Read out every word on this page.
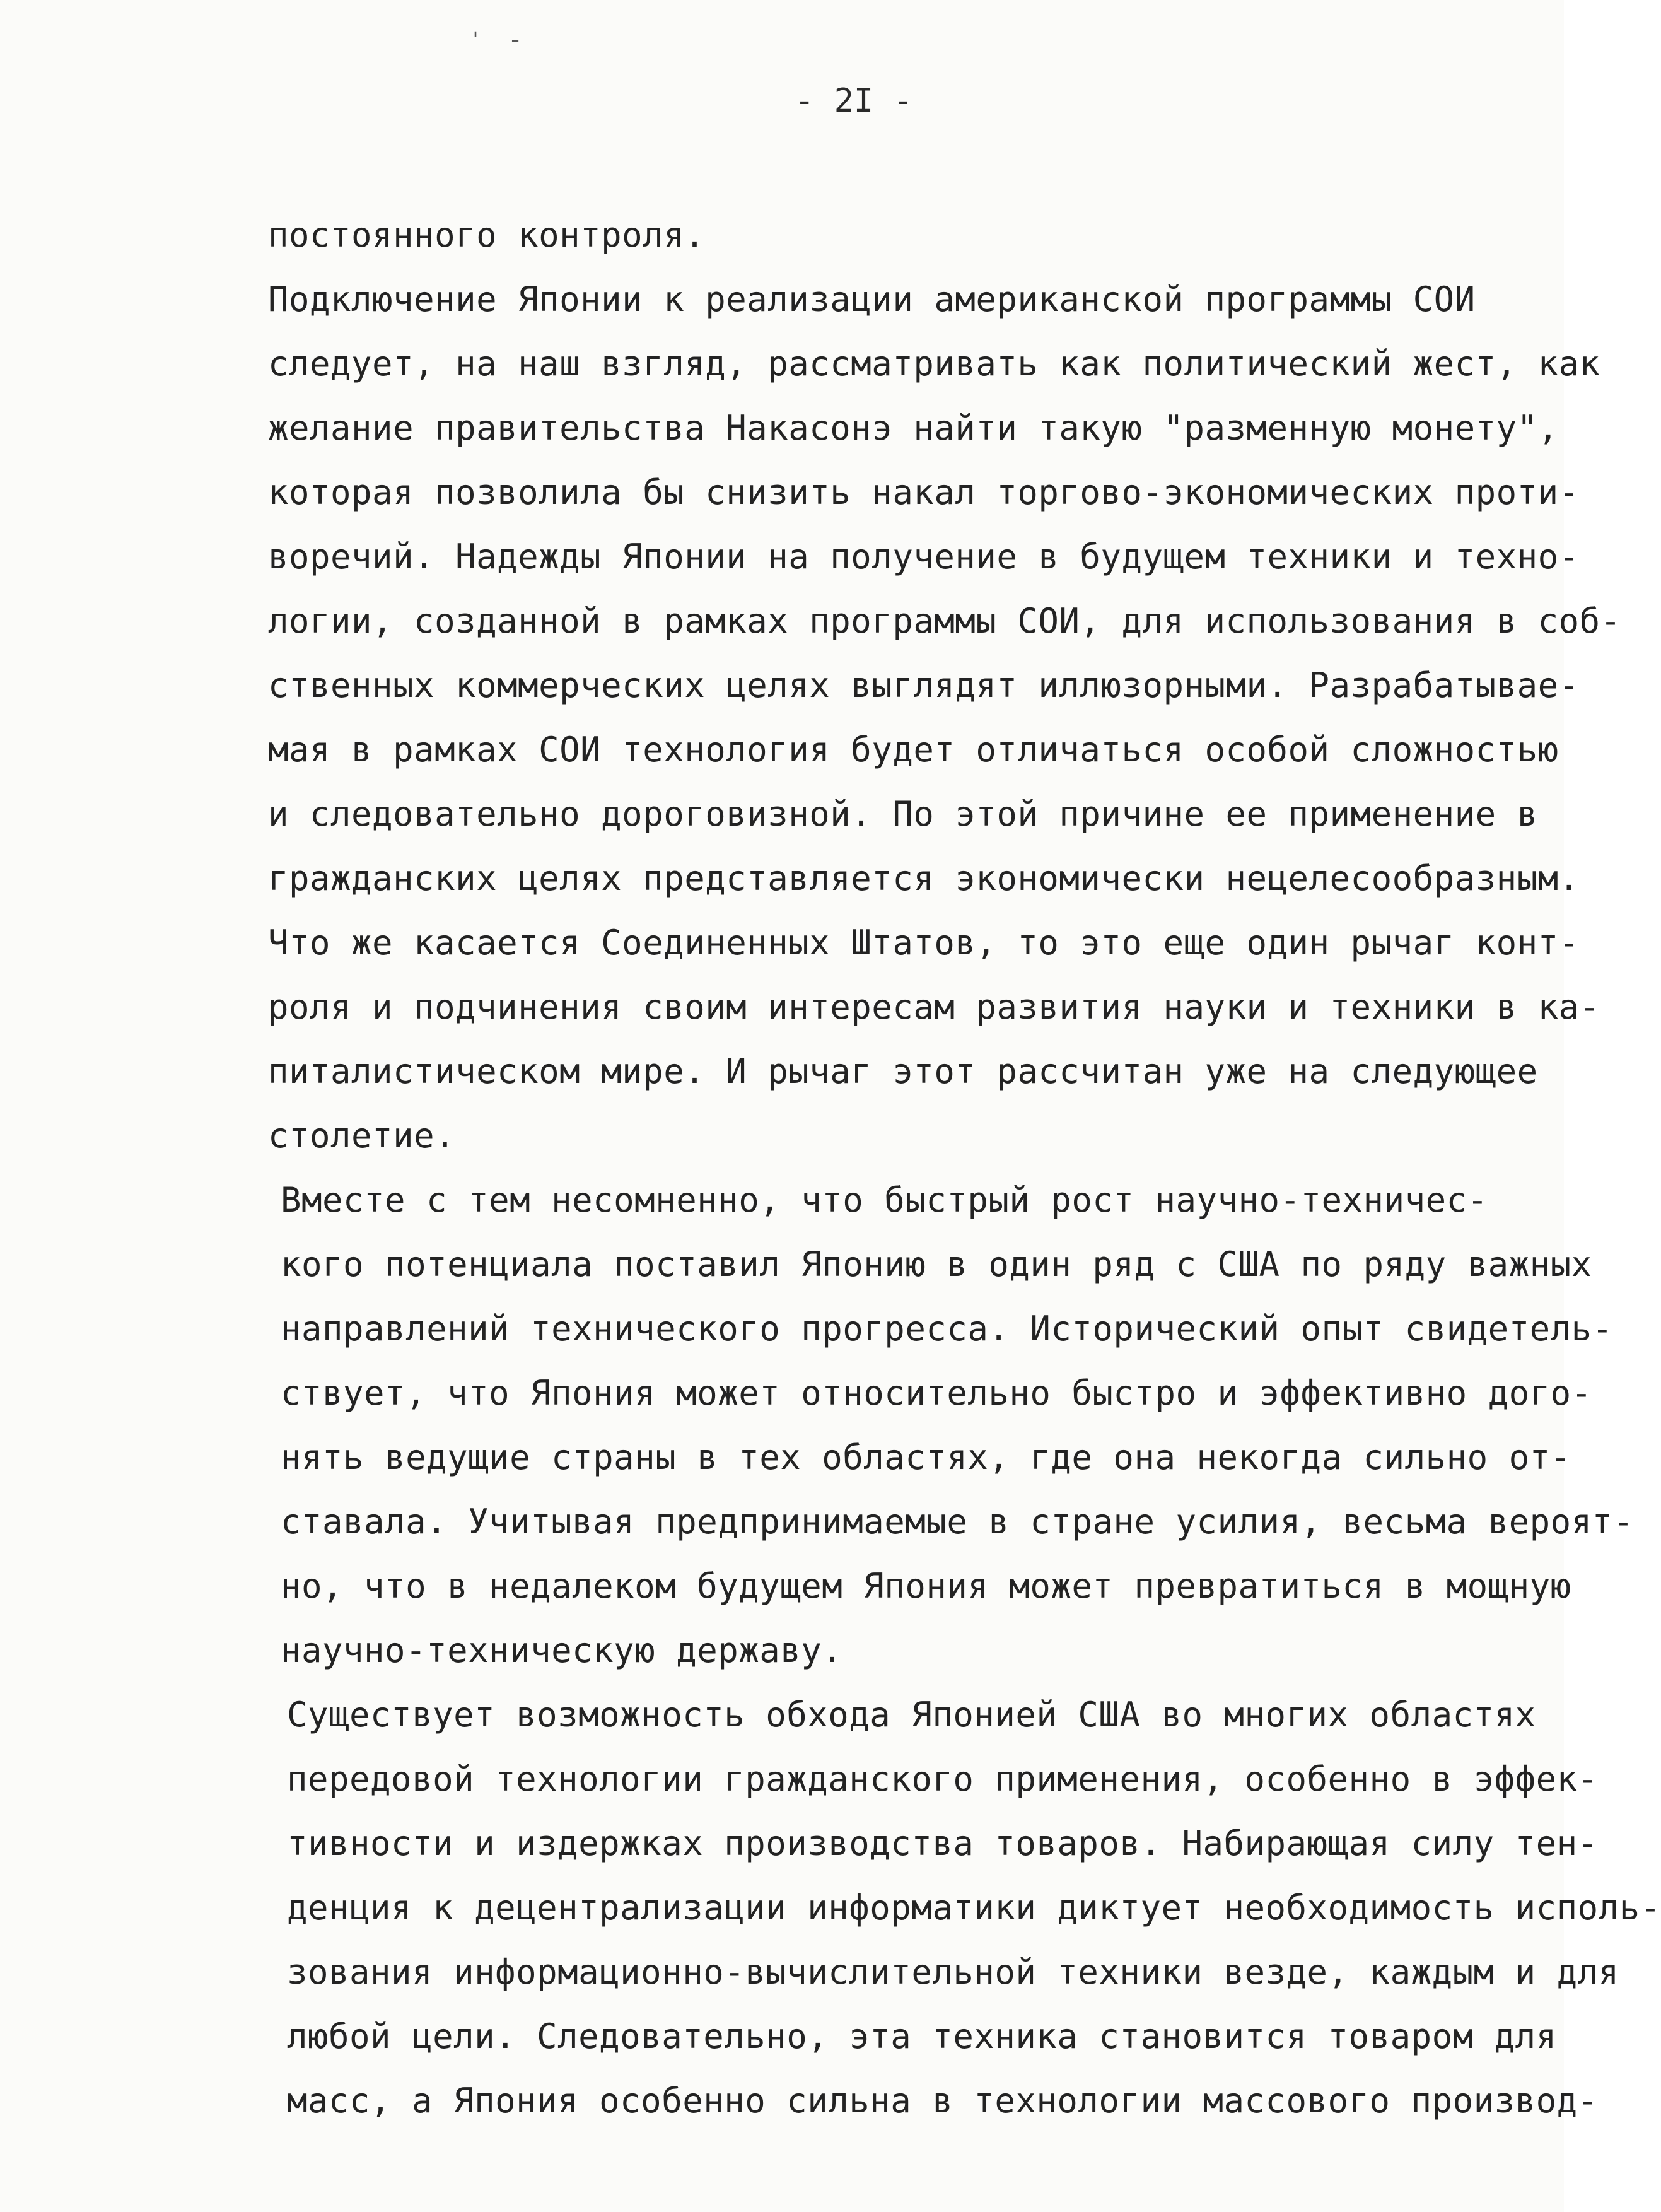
-
'
- 2I -
постоянного контроля.
Подключение Японии к реализации американской программы СОИ
следует, на наш взгляд, рассматривать как политический жест, как
желание правительства Накасонэ найти такую "разменную монету",
которая позволила бы снизить накал торгово-экономических проти-
воречий. Надежды Японии на получение в будущем техники и техно-
логии, созданной в рамках программы СОИ, для использования в соб-
ственных коммерческих целях выглядят иллюзорными. Разрабатывае-
мая в рамках СОИ технология будет отличаться особой сложностью
и следовательно дороговизной. По этой причине ее применение в
гражданских целях представляется экономически нецелесообразным.
Что же касается Соединенных Штатов, то это еще один рычаг конт-
роля и подчинения своим интересам развития науки и техники в ка-
питалистическом мире. И рычаг этот рассчитан уже на следующее
столетие.
Вместе с тем несомненно, что быстрый рост научно-техничес-
кого потенциала поставил Японию в один ряд с США по ряду важных
направлений технического прогресса. Исторический опыт свидетель-
ствует, что Япония может относительно быстро и эффективно дого-
нять ведущие страны в тех областях, где она некогда сильно от-
ставала. Учитывая предпринимаемые в стране усилия, весьма вероят-
но, что в недалеком будущем Япония может превратиться в мощную
научно-техническую державу.
Существует возможность обхода Японией США во многих областях
передовой технологии гражданского применения, особенно в эффек-
тивности и издержках производства товаров. Набирающая силу тен-
денция к децентрализации информатики диктует необходимость исполь-
зования информационно-вычислительной техники везде, каждым и для
любой цели. Следовательно, эта техника становится товаром для
масс, а Япония особенно сильна в технологии массового производ-
